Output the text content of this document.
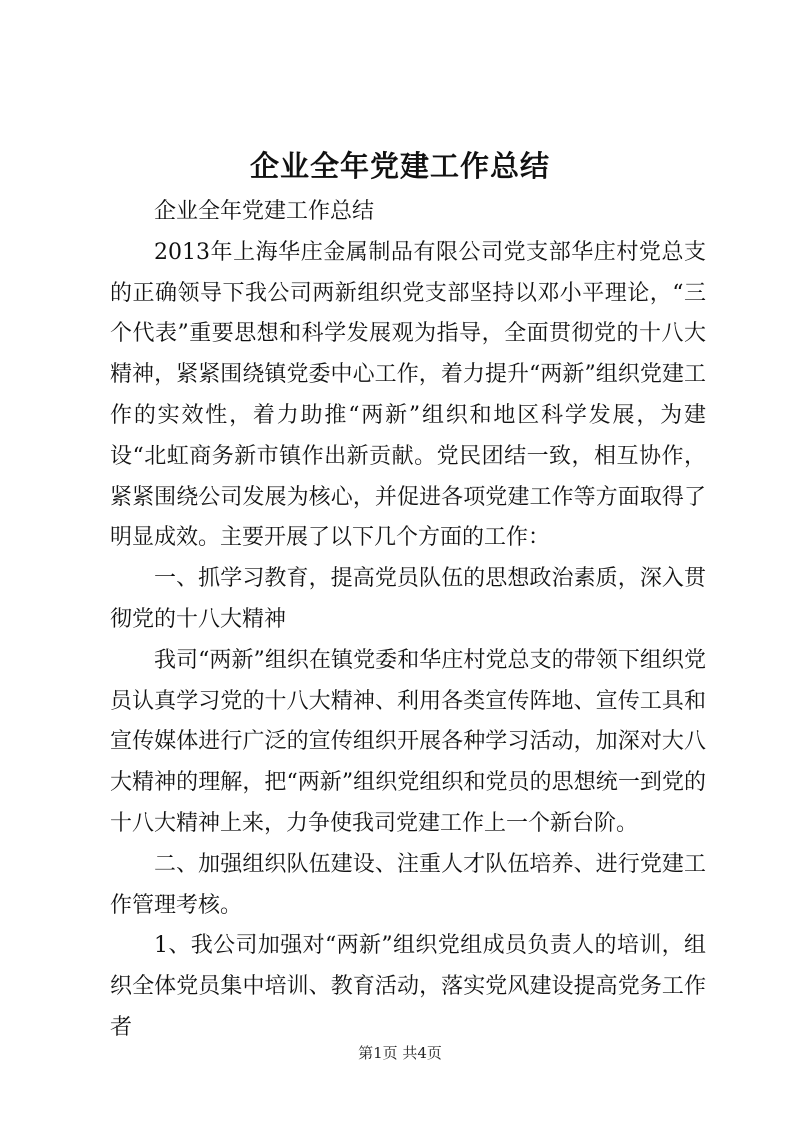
企业全年党建工作总结

企业全年党建工作总结

2013年上海华庄金属制品有限公司党支部华庄村党总支的正确领导下我公司两新组织党支部坚持以邓小平理论，“三个代表”重要思想和科学发展观为指导，全面贯彻党的十八大精神，紧紧围绕镇党委中心工作，着力提升“两新”组织党建工作的实效性，着力助推“两新”组织和地区科学发展，为建设“北虹商务新市镇作出新贡献。党民团结一致，相互协作，紧紧围绕公司发展为核心，并促进各项党建工作等方面取得了明显成效。主要开展了以下几个方面的工作：

一、抓学习教育，提高党员队伍的思想政治素质，深入贯彻党的十八大精神

我司“两新”组织在镇党委和华庄村党总支的带领下组织党员认真学习党的十八大精神、利用各类宣传阵地、宣传工具和宣传媒体进行广泛的宣传组织开展各种学习活动，加深对大八大精神的理解，把“两新”组织党组织和党员的思想统一到党的十八大精神上来，力争使我司党建工作上一个新台阶。

二、加强组织队伍建设、注重人才队伍培养、进行党建工作管理考核。

1、我公司加强对“两新”组织党组成员负责人的培训，组织全体党员集中培训、教育活动，落实党风建设提高党务工作者

第1页 共4页
